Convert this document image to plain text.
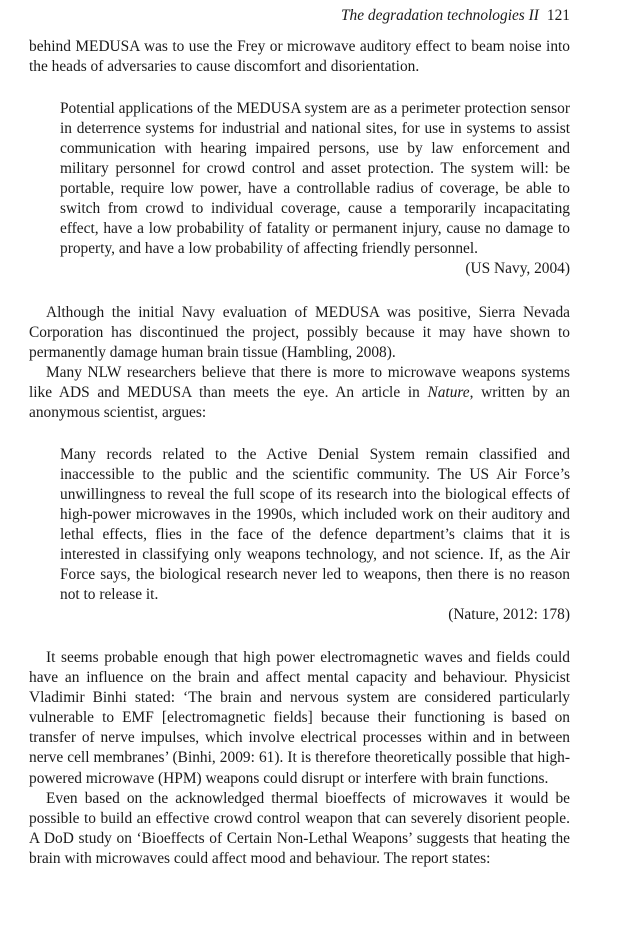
The degradation technologies II 121

behind MEDUSA was to use the Frey or microwave auditory effect to beam noise into the heads of adversaries to cause discomfort and disorientation.

Potential applications of the MEDUSA system are as a perimeter protection sensor in deterrence systems for industrial and national sites, for use in systems to assist communication with hearing impaired persons, use by law enforcement and military personnel for crowd control and asset protection. The system will: be portable, require low power, have a controllable radius of coverage, be able to switch from crowd to individual coverage, cause a temporarily incapacitating effect, have a low probability of fatality or permanent injury, cause no damage to property, and have a low probability of affecting friendly personnel.

(US Navy, 2004)

Although the initial Navy evaluation of MEDUSA was positive, Sierra Nevada Corporation has discontinued the project, possibly because it may have shown to permanently damage human brain tissue (Hambling, 2008).

Many NLW researchers believe that there is more to microwave weapons systems like ADS and MEDUSA than meets the eye. An article in Nature, written by an anonymous scientist, argues:

Many records related to the Active Denial System remain classified and inaccessible to the public and the scientific community. The US Air Force’s unwillingness to reveal the full scope of its research into the biological effects of high-power microwaves in the 1990s, which included work on their auditory and lethal effects, flies in the face of the defence department’s claims that it is interested in classifying only weapons technology, and not science. If, as the Air Force says, the biological research never led to weapons, then there is no reason not to release it.

(Nature, 2012: 178)

It seems probable enough that high power electromagnetic waves and fields could have an influence on the brain and affect mental capacity and behaviour. Physicist Vladimir Binhi stated: ‘The brain and nervous system are considered particularly vulnerable to EMF [electromagnetic fields] because their functioning is based on transfer of nerve impulses, which involve electrical processes within and in between nerve cell membranes’ (Binhi, 2009: 61). It is therefore theoretically possible that high-powered microwave (HPM) weapons could disrupt or interfere with brain functions.

Even based on the acknowledged thermal bioeffects of microwaves it would be possible to build an effective crowd control weapon that can severely disorient people. A DoD study on ‘Bioeffects of Certain Non-Lethal Weapons’ suggests that heating the brain with microwaves could affect mood and behaviour. The report states:
